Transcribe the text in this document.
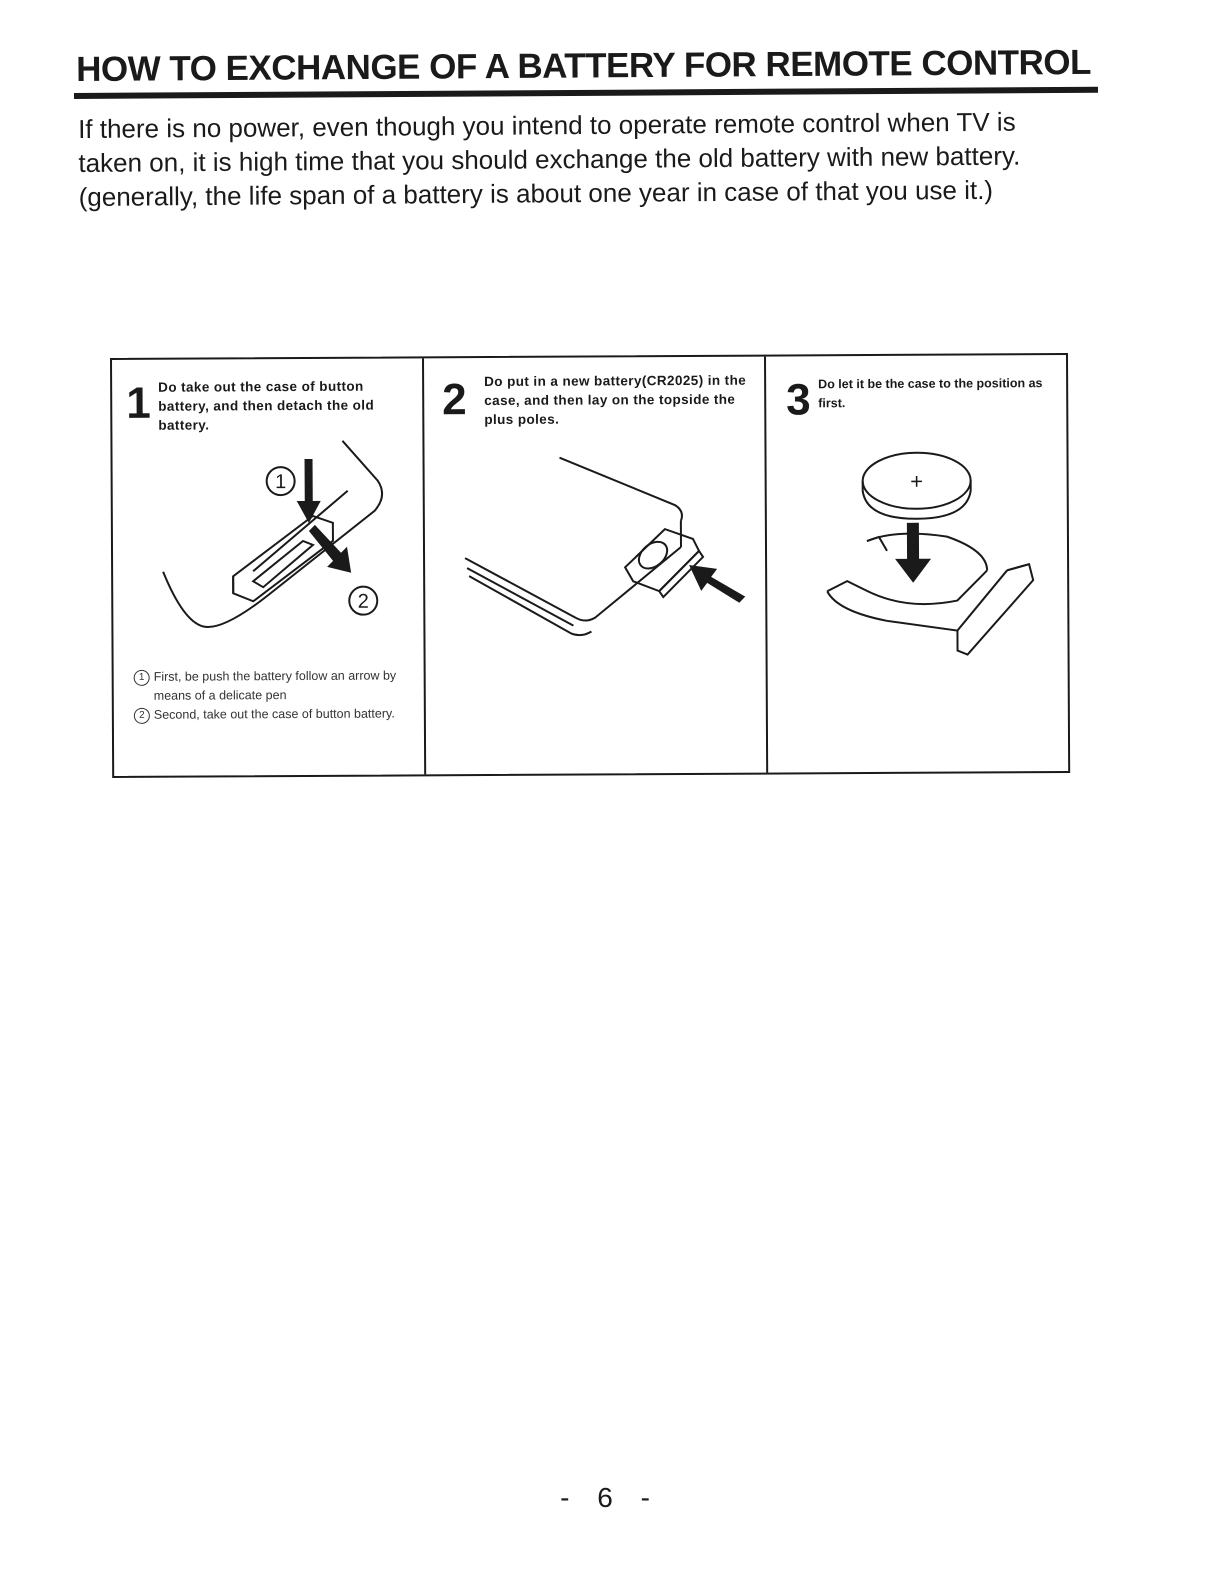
HOW TO EXCHANGE OF A BATTERY FOR REMOTE CONTROL

If there is no power, even though you intend to operate remote control when TV is

taken on, it is high time that you should exchange the old battery with new battery.

(generally, the life span of a battery is about one year in case of that you use it.)

1 Do take out the case of button battery, and then detach the old battery.
1
2

1 First, be push the battery follow an arrow by means of a delicate pen

2 Second, take out the case of button battery.

2 Do put in a new battery(CR2025) in the case, and then lay on the topside the plus poles.	3 Do let it be the case to the position as first.
+
- 6 -
